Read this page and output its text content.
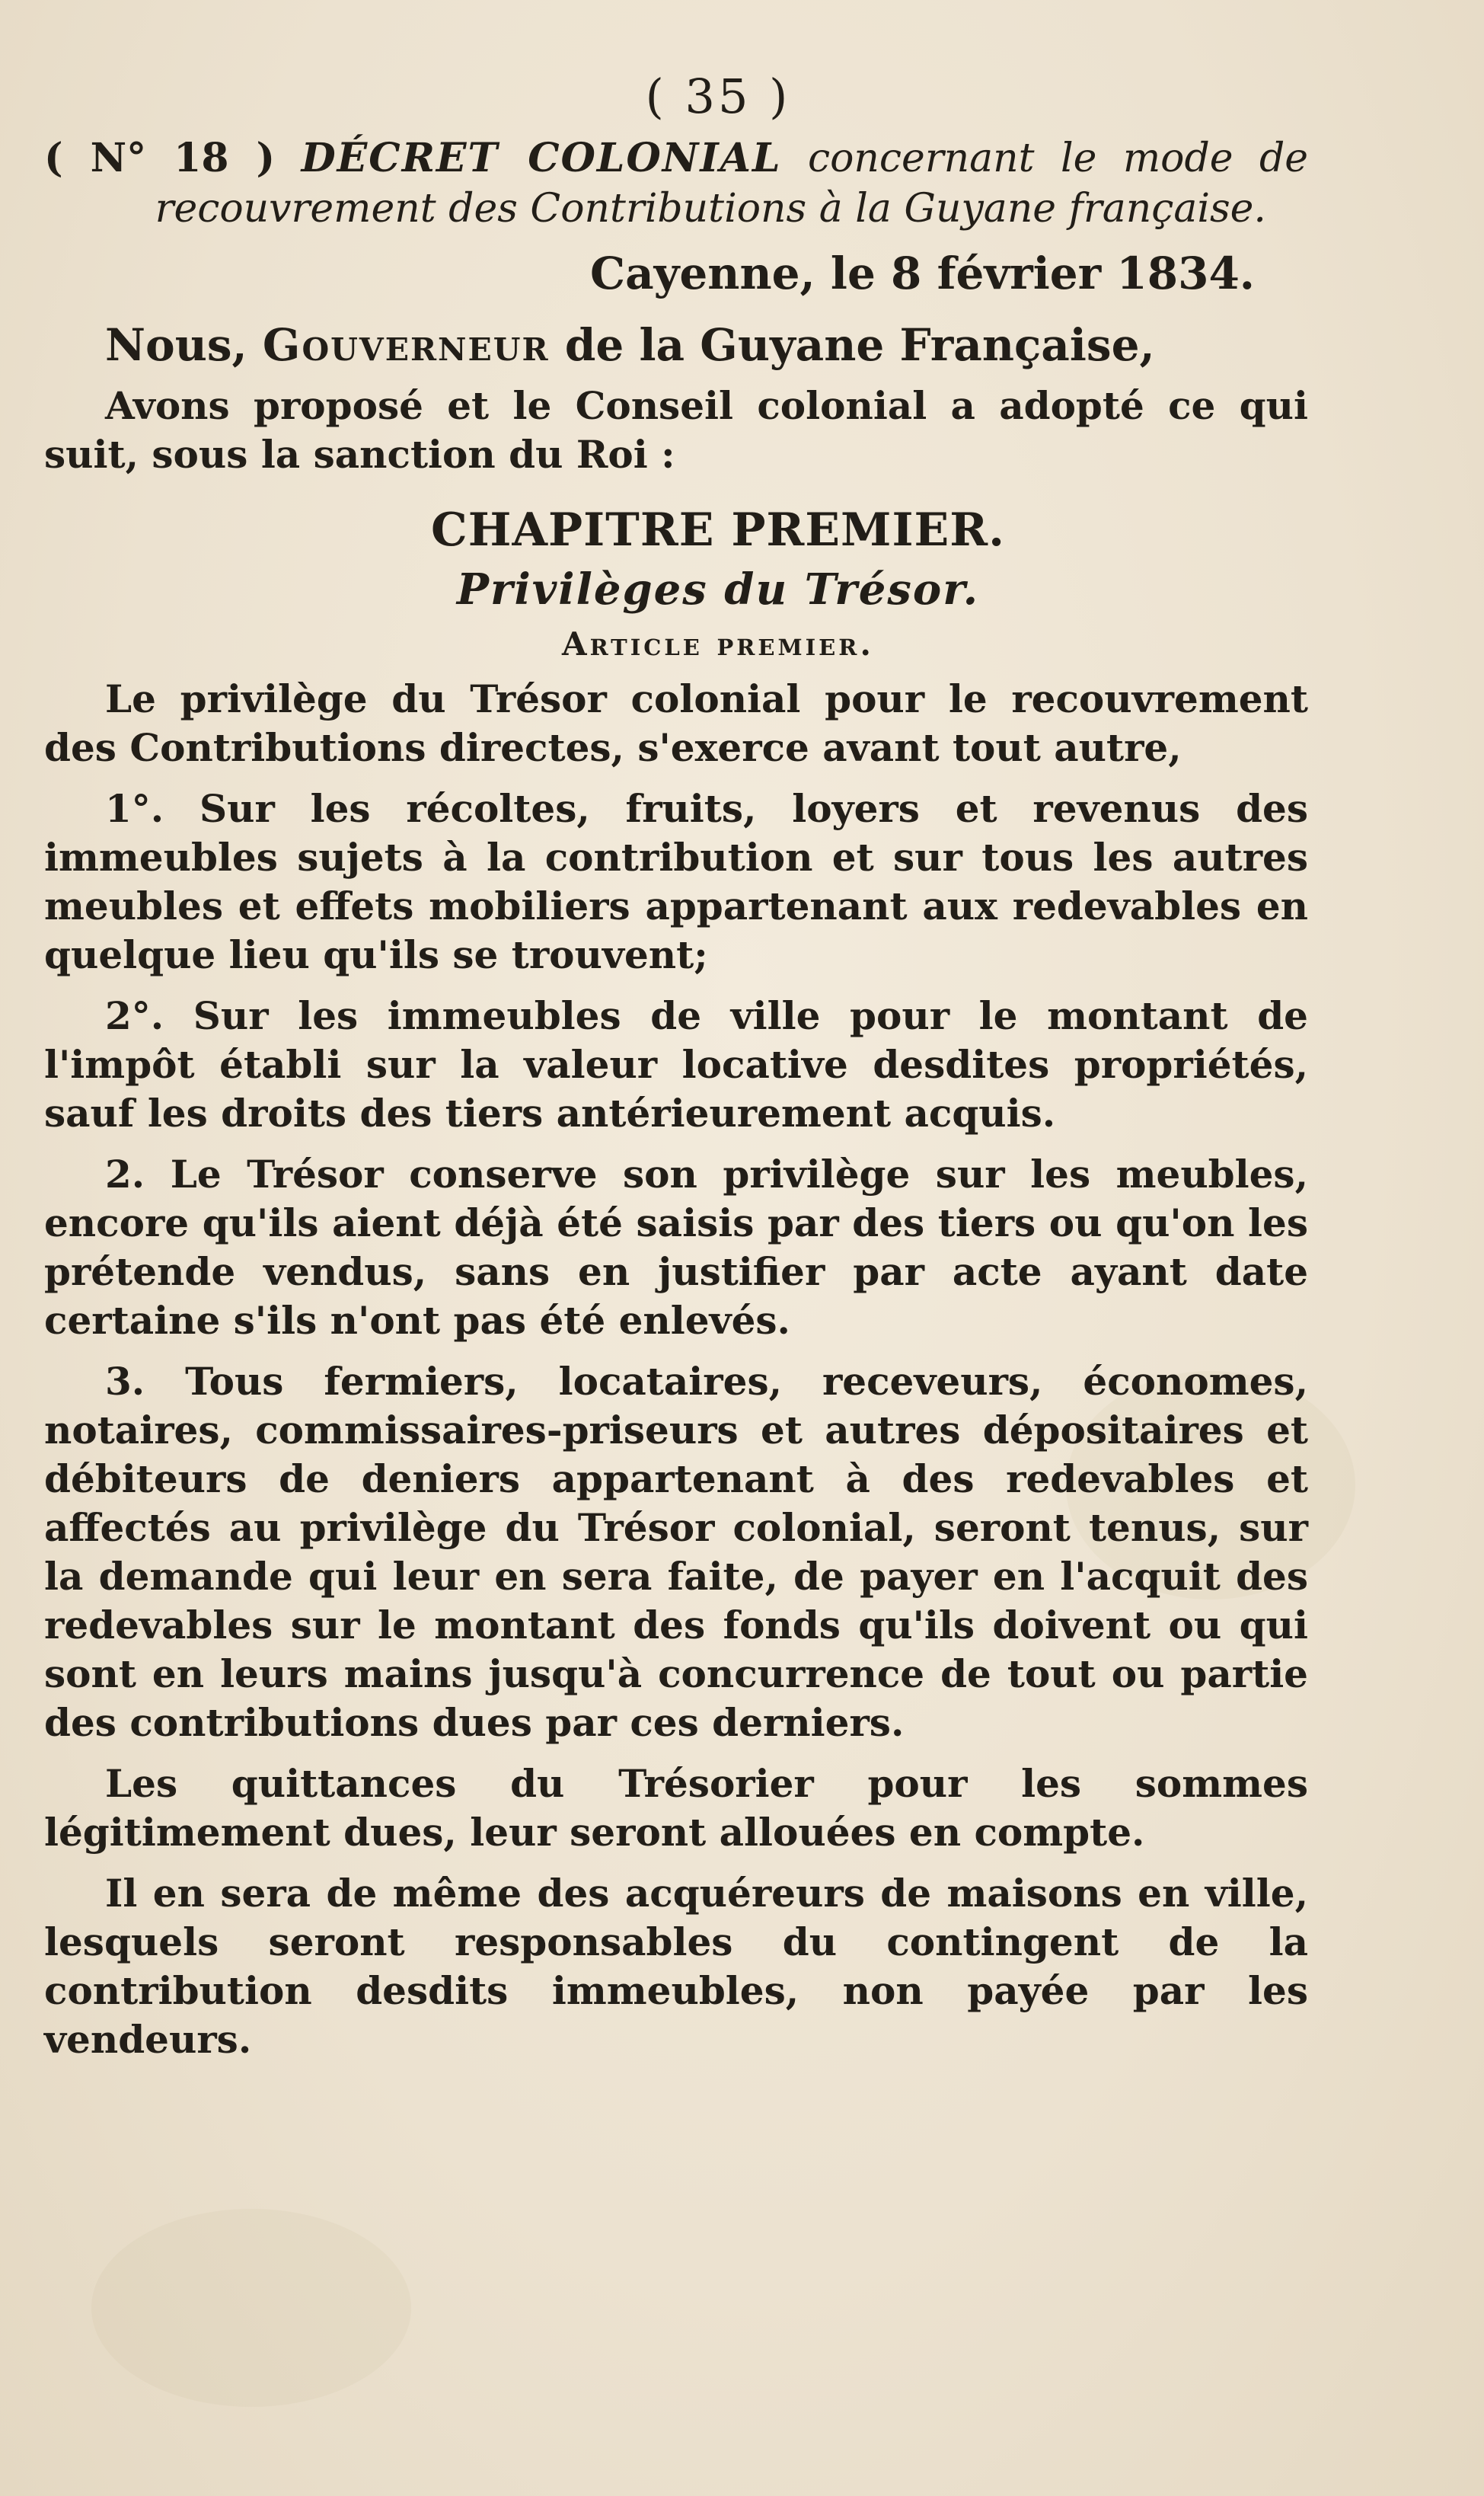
( 35 )
( N° 18 ) DÉCRET COLONIAL concernant le mode de recouvrement des Contributions à la Guyane française.
Cayenne, le 8 février 1834.
Nous, Gouverneur de la Guyane Française,

Avons proposé et le Conseil colonial a adopté ce qui suit, sous la sanction du Roi :

CHAPITRE PREMIER.
Privilèges du Trésor.
Article premier.

Le privilège du Trésor colonial pour le recouvrement des Contributions directes, s'exerce avant tout autre,

1°. Sur les récoltes, fruits, loyers et revenus des immeubles sujets à la contribution et sur tous les autres meubles et effets mobiliers appartenant aux redevables en quelque lieu qu'ils se trouvent;

2°. Sur les immeubles de ville pour le montant de l'impôt établi sur la valeur locative desdites propriétés, sauf les droits des tiers antérieurement acquis.

2. Le Trésor conserve son privilège sur les meubles, encore qu'ils aient déjà été saisis par des tiers ou qu'on les prétende vendus, sans en justifier par acte ayant date certaine s'ils n'ont pas été enlevés.

3. Tous fermiers, locataires, receveurs, économes, notaires, commissaires-priseurs et autres dépositaires et débiteurs de deniers appartenant à des redevables et affectés au privilège du Trésor colonial, seront tenus, sur la demande qui leur en sera faite, de payer en l'acquit des redevables sur le montant des fonds qu'ils doivent ou qui sont en leurs mains jusqu'à concurrence de tout ou partie des contributions dues par ces derniers.

Les quittances du Trésorier pour les sommes légitimement dues, leur seront allouées en compte.

Il en sera de même des acquéreurs de maisons en ville, lesquels seront responsables du contingent de la contribution desdits immeubles, non payée par les vendeurs.
